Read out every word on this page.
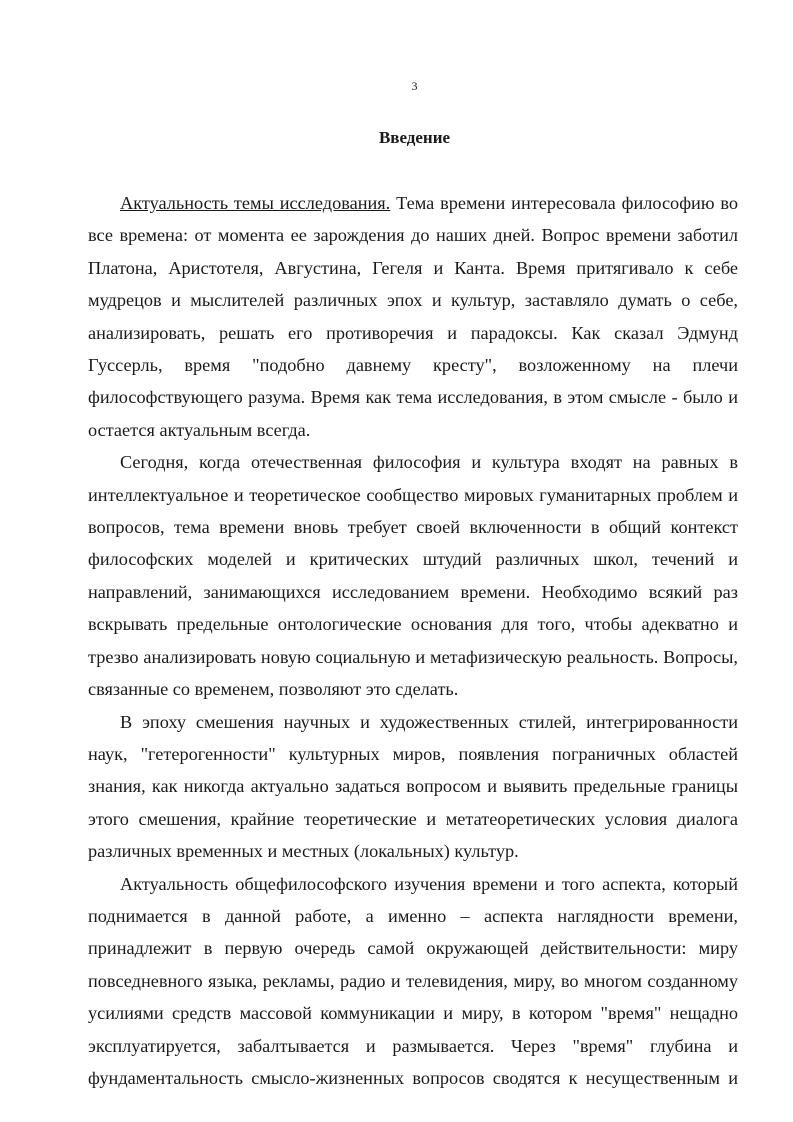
3
Введение

Актуальность темы исследования. Тема времени интересовала философию во все времена: от момента ее зарождения до наших дней. Вопрос времени заботил Платона, Аристотеля, Августина, Гегеля и Канта. Время притягивало к себе мудрецов и мыслителей различных эпох и культур, заставляло думать о себе, анализировать, решать его противоречия и парадоксы. Как сказал Эдмунд Гуссерль, время "подобно давнему кресту", возложенному на плечи философствующего разума. Время как тема исследования, в этом смысле - было и остается актуальным всегда.

Сегодня, когда отечественная философия и культура входят на равных в интеллектуальное и теоретическое сообщество мировых гуманитарных проблем и вопросов, тема времени вновь требует своей включенности в общий контекст философских моделей и критических штудий различных школ, течений и направлений, занимающихся исследованием времени. Необходимо всякий раз вскрывать предельные онтологические основания для того, чтобы адекватно и трезво анализировать новую социальную и метафизическую реальность. Вопросы, связанные со временем, позволяют это сделать.

В эпоху смешения научных и художественных стилей, интегрированности наук, "гетерогенности" культурных миров, появления пограничных областей знания, как никогда актуально задаться вопросом и выявить предельные границы этого смешения, крайние теоретические и метатеоретических условия диалога различных временных и местных (локальных) культур.

Актуальность общефилософского изучения времени и того аспекта, который поднимается в данной работе, а именно – аспекта наглядности времени, принадлежит в первую очередь самой окружающей действительности: миру повседневного языка, рекламы, радио и телевидения, миру, во многом созданному усилиями средств массовой коммуникации и миру, в котором "время" нещадно эксплуатируется, забалтывается и размывается. Через "время" глубина и фундаментальность смысло-жизненных вопросов сводятся к несущественным и
